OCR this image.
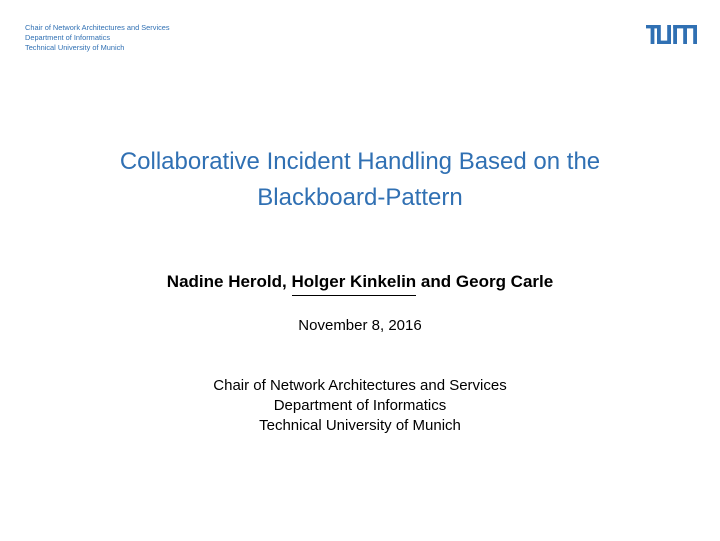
Chair of Network Architectures and Services
Department of Informatics
Technical University of Munich
Collaborative Incident Handling Based on the
Blackboard-Pattern
Nadine Herold, Holger Kinkelin and Georg Carle
November 8, 2016
Chair of Network Architectures and Services
Department of Informatics
Technical University of Munich
